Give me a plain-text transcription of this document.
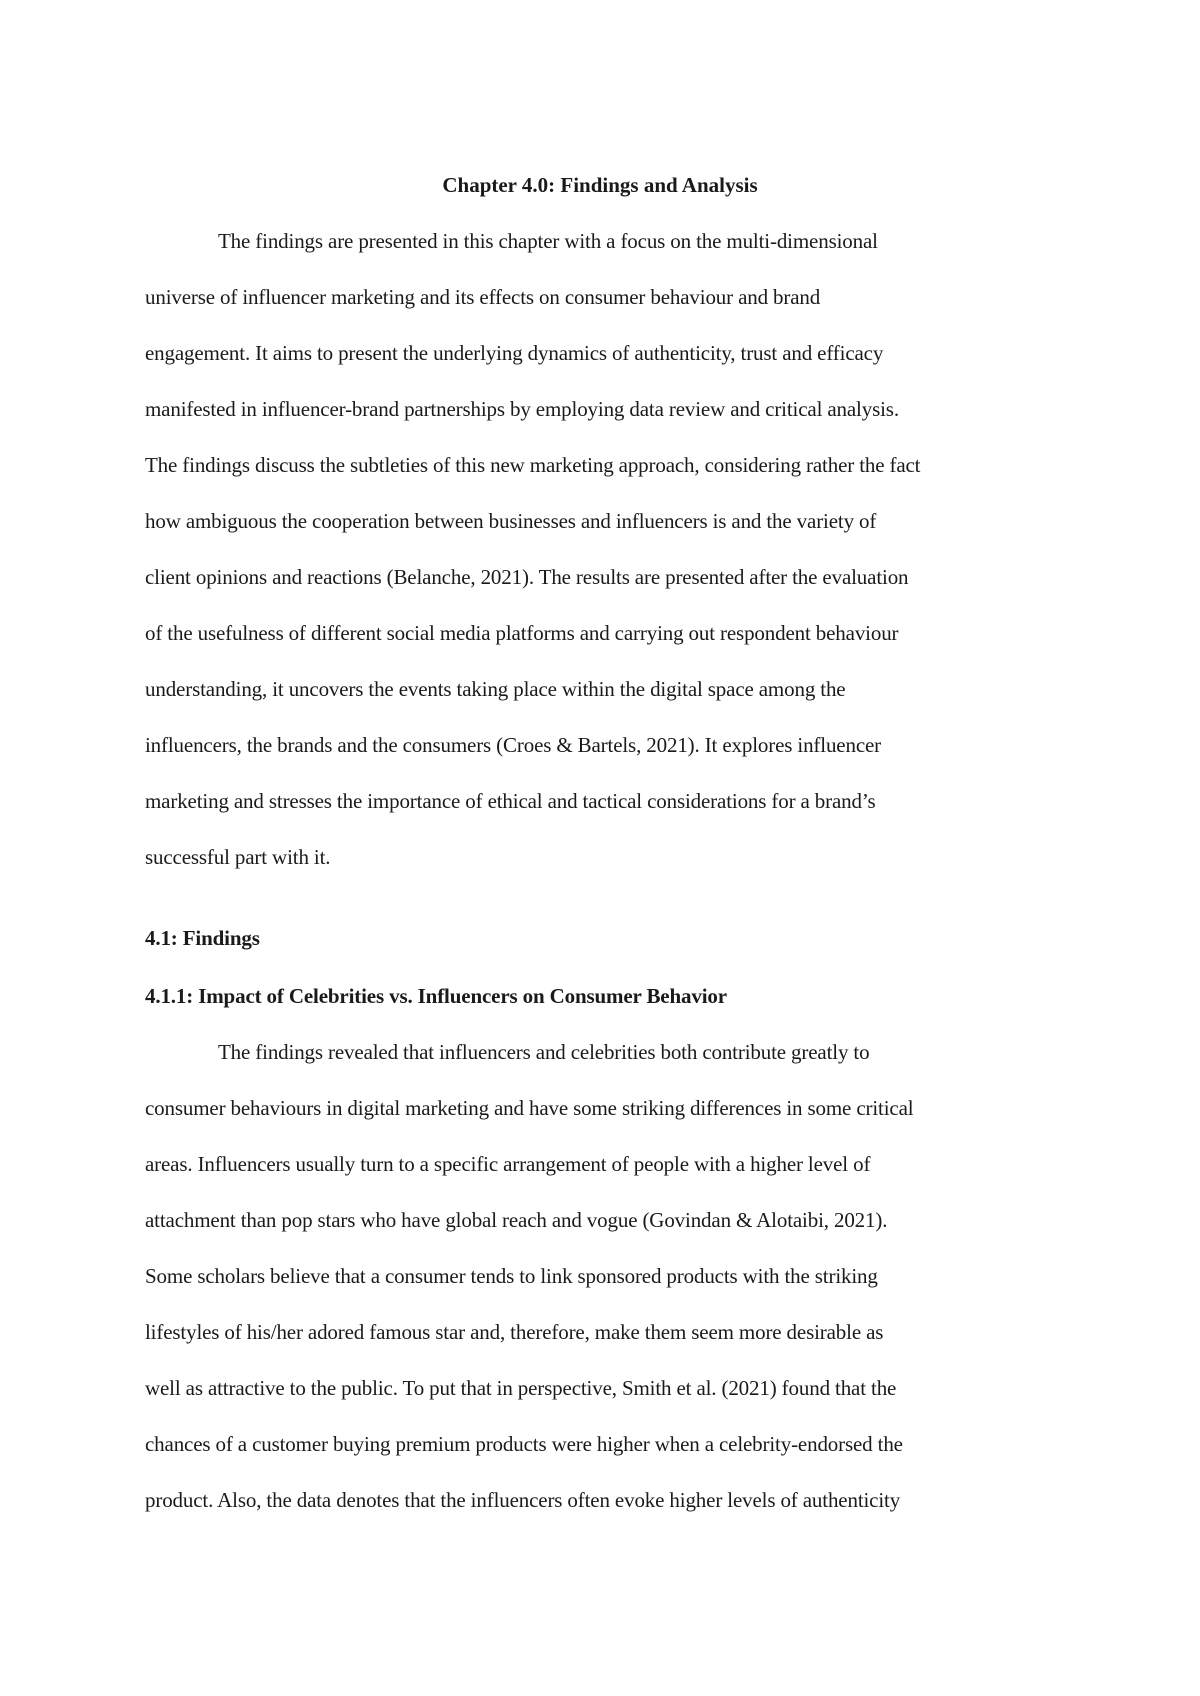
Chapter 4.0: Findings and Analysis
The findings are presented in this chapter with a focus on the multi-dimensional
universe of influencer marketing and its effects on consumer behaviour and brand
engagement. It aims to present the underlying dynamics of authenticity, trust and efficacy
manifested in influencer-brand partnerships by employing data review and critical analysis.
The findings discuss the subtleties of this new marketing approach, considering rather the fact
how ambiguous the cooperation between businesses and influencers is and the variety of
client opinions and reactions (Belanche, 2021). The results are presented after the evaluation
of the usefulness of different social media platforms and carrying out respondent behaviour
understanding, it uncovers the events taking place within the digital space among the
influencers, the brands and the consumers (Croes & Bartels, 2021). It explores influencer
marketing and stresses the importance of ethical and tactical considerations for a brand’s
successful part with it.
4.1: Findings
4.1.1: Impact of Celebrities vs. Influencers on Consumer Behavior
The findings revealed that influencers and celebrities both contribute greatly to
consumer behaviours in digital marketing and have some striking differences in some critical
areas. Influencers usually turn to a specific arrangement of people with a higher level of
attachment than pop stars who have global reach and vogue (Govindan & Alotaibi, 2021).
Some scholars believe that a consumer tends to link sponsored products with the striking
lifestyles of his/her adored famous star and, therefore, make them seem more desirable as
well as attractive to the public. To put that in perspective, Smith et al. (2021) found that the
chances of a customer buying premium products were higher when a celebrity-endorsed the
product. Also, the data denotes that the influencers often evoke higher levels of authenticity
